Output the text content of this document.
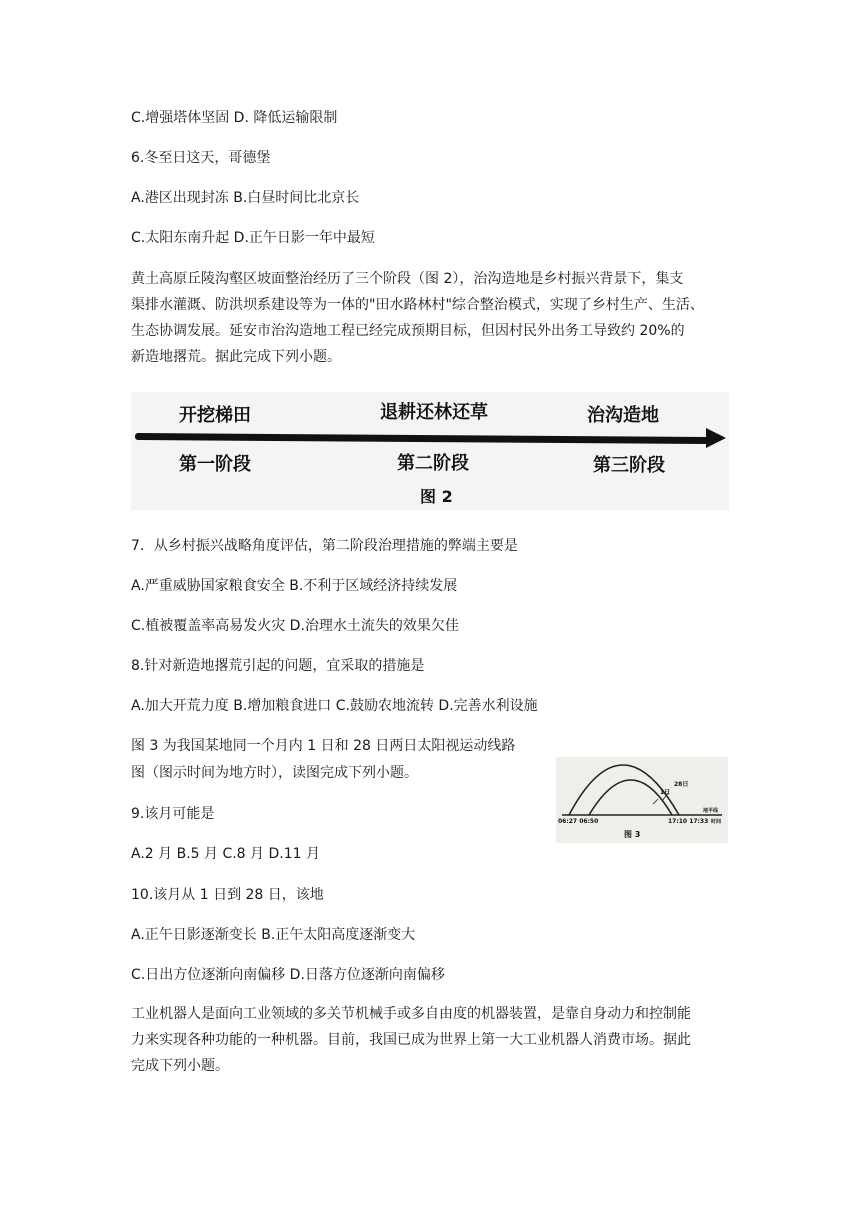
C.增强塔体坚固 D. 降低运输限制
6.冬至日这天，哥德堡
A.港区出现封冻 B.白昼时间比北京长
C.太阳东南升起 D.正午日影一年中最短
黄土高原丘陵沟壑区坡面整治经历了三个阶段（图 2），治沟造地是乡村振兴背景下，集支
渠排水灌溉、防洪坝系建设等为一体的"田水路林村"综合整治模式，实现了乡村生产、生活、
生态协调发展。延安市治沟造地工程已经完成预期目标，但因村民外出务工导致约 20%的
新造地撂荒。据此完成下列小题。
开挖梯田	退耕还林还草	治沟造地
第一阶段	第二阶段	第三阶段
图 2
7．从乡村振兴战略角度评估，第二阶段治理措施的弊端主要是
A.严重威胁国家粮食安全 B.不利于区域经济持续发展
C.植被覆盖率高易发火灾 D.治理水土流失的效果欠佳
8.针对新造地撂荒引起的问题，宜采取的措施是
A.加大开荒力度 B.增加粮食进口 C.鼓励农地流转 D.完善水利设施
图 3 为我国某地同一个月内 1 日和 28 日两日太阳视运动线路
图（图示时间为地方时），读图完成下列小题。
28日
1日
地平线
06:27 06:50	17:10 17:33 时间
图 3
9.该月可能是
A.2 月 B.5 月 C.8 月 D.11 月
10.该月从 1 日到 28 日，该地
A.正午日影逐渐变长 B.正午太阳高度逐渐变大
C.日出方位逐渐向南偏移 D.日落方位逐渐向南偏移
工业机器人是面向工业领域的多关节机械手或多自由度的机器装置，是靠自身动力和控制能
力来实现各种功能的一种机器。目前，我国已成为世界上第一大工业机器人消费市场。据此
完成下列小题。
